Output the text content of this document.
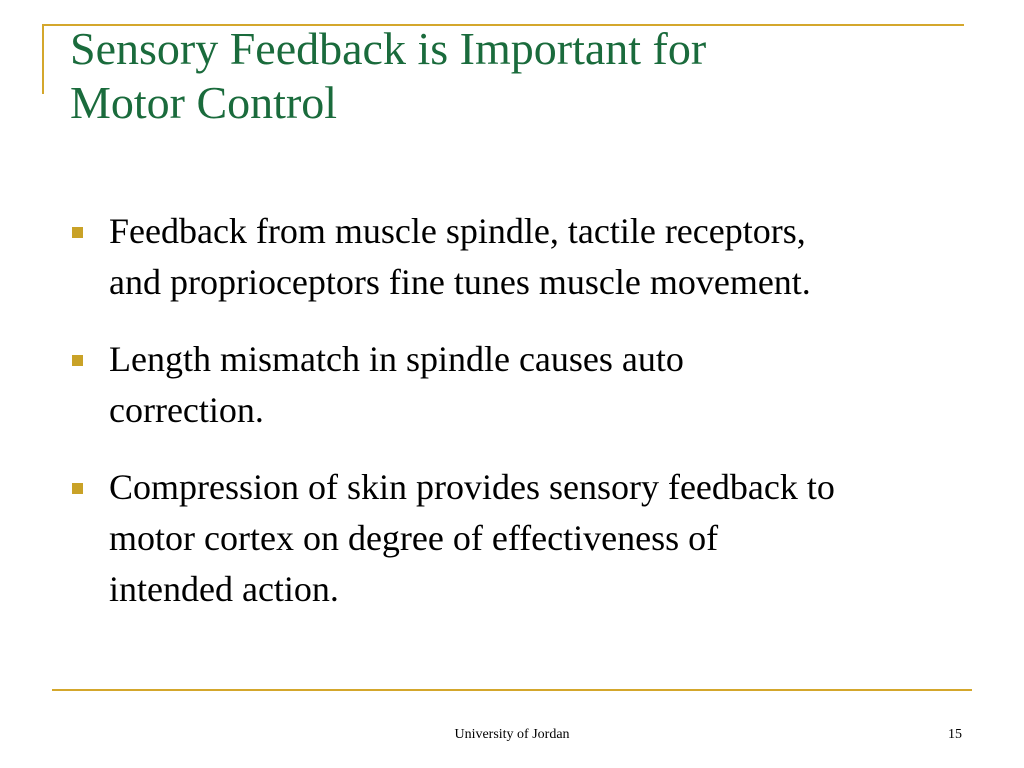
Sensory Feedback is Important for
Motor Control
Feedback from muscle spindle, tactile receptors,
and proprioceptors fine tunes muscle movement.
Length mismatch in spindle causes auto
correction.
Compression of skin provides sensory feedback to
motor cortex on degree of effectiveness of
intended action.
University of Jordan	15
